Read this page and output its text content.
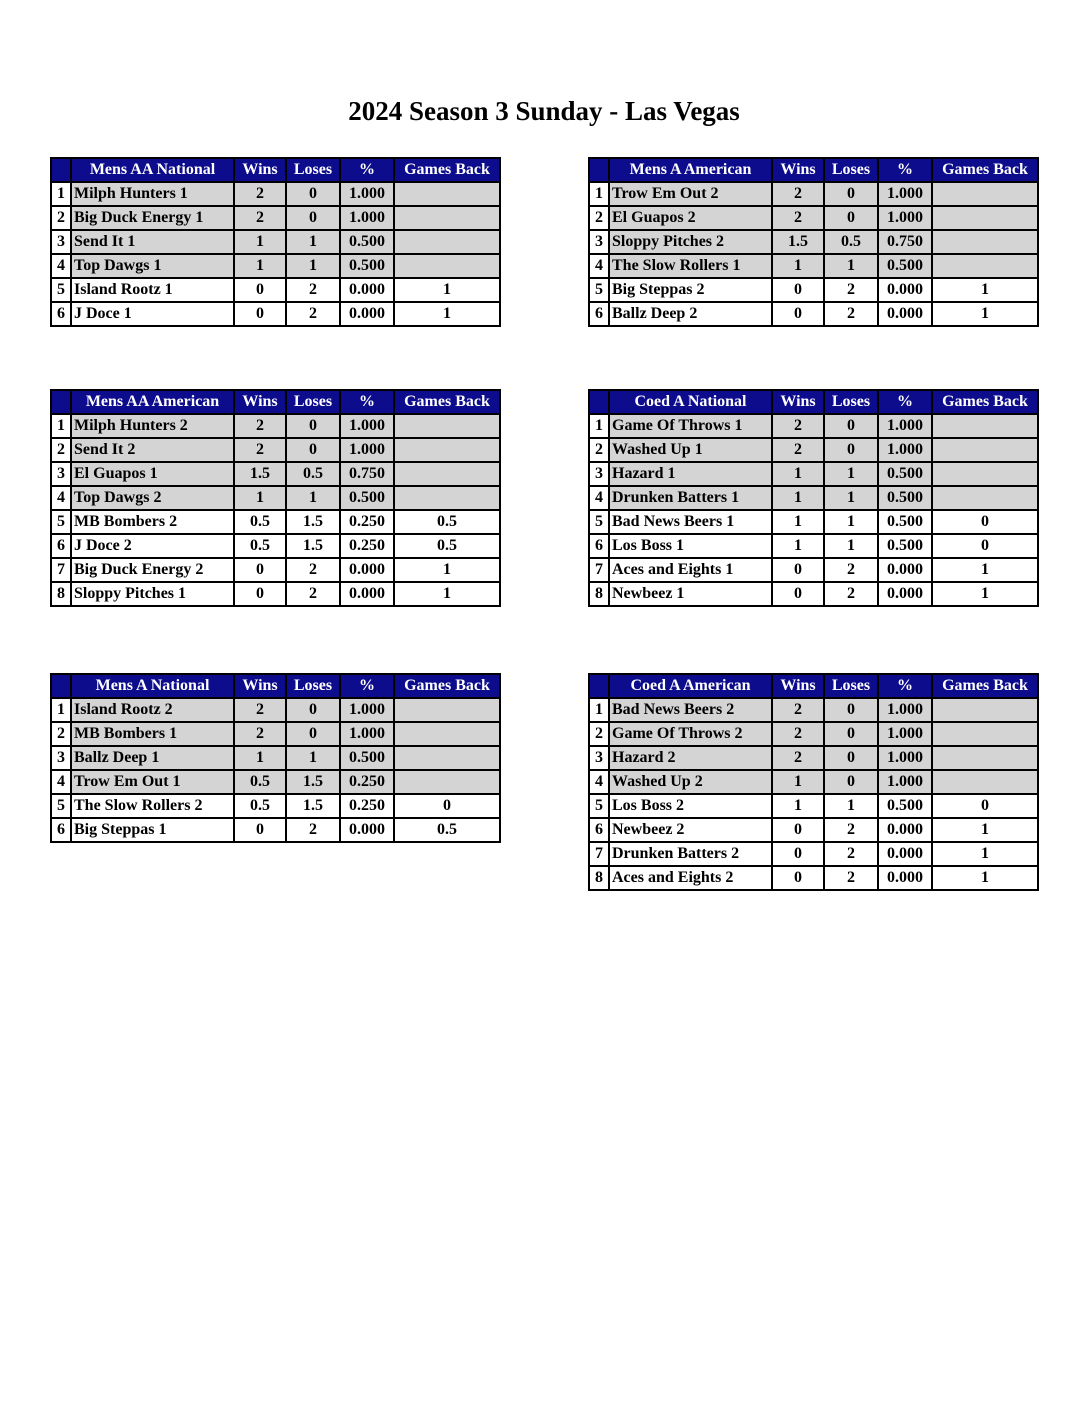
2024 Season 3 Sunday - Las Vegas
	Mens AA National	Wins	Loses	%	Games Back
1	Milph Hunters 1	2	0	1.000	
2	Big Duck Energy 1	2	0	1.000	
3	Send It 1	1	1	0.500	
4	Top Dawgs 1	1	1	0.500	
5	Island Rootz 1	0	2	0.000	1
6	J Doce 1	0	2	0.000	1
	Mens A American	Wins	Loses	%	Games Back
1	Trow Em Out 2	2	0	1.000	
2	El Guapos 2	2	0	1.000	
3	Sloppy Pitches 2	1.5	0.5	0.750	
4	The Slow Rollers 1	1	1	0.500	
5	Big Steppas 2	0	2	0.000	1
6	Ballz Deep 2	0	2	0.000	1
	Mens AA American	Wins	Loses	%	Games Back
1	Milph Hunters 2	2	0	1.000	
2	Send It 2	2	0	1.000	
3	El Guapos 1	1.5	0.5	0.750	
4	Top Dawgs 2	1	1	0.500	
5	MB Bombers 2	0.5	1.5	0.250	0.5
6	J Doce 2	0.5	1.5	0.250	0.5
7	Big Duck Energy 2	0	2	0.000	1
8	Sloppy Pitches 1	0	2	0.000	1
	Coed A National	Wins	Loses	%	Games Back
1	Game Of Throws 1	2	0	1.000	
2	Washed Up 1	2	0	1.000	
3	Hazard 1	1	1	0.500	
4	Drunken Batters 1	1	1	0.500	
5	Bad News Beers 1	1	1	0.500	0
6	Los Boss 1	1	1	0.500	0
7	Aces and Eights 1	0	2	0.000	1
8	Newbeez 1	0	2	0.000	1
	Mens A National	Wins	Loses	%	Games Back
1	Island Rootz 2	2	0	1.000	
2	MB Bombers 1	2	0	1.000	
3	Ballz Deep 1	1	1	0.500	
4	Trow Em Out 1	0.5	1.5	0.250	
5	The Slow Rollers 2	0.5	1.5	0.250	0
6	Big Steppas 1	0	2	0.000	0.5
	Coed A American	Wins	Loses	%	Games Back
1	Bad News Beers 2	2	0	1.000	
2	Game Of Throws 2	2	0	1.000	
3	Hazard 2	2	0	1.000	
4	Washed Up 2	1	0	1.000	
5	Los Boss 2	1	1	0.500	0
6	Newbeez 2	0	2	0.000	1
7	Drunken Batters 2	0	2	0.000	1
8	Aces and Eights 2	0	2	0.000	1
